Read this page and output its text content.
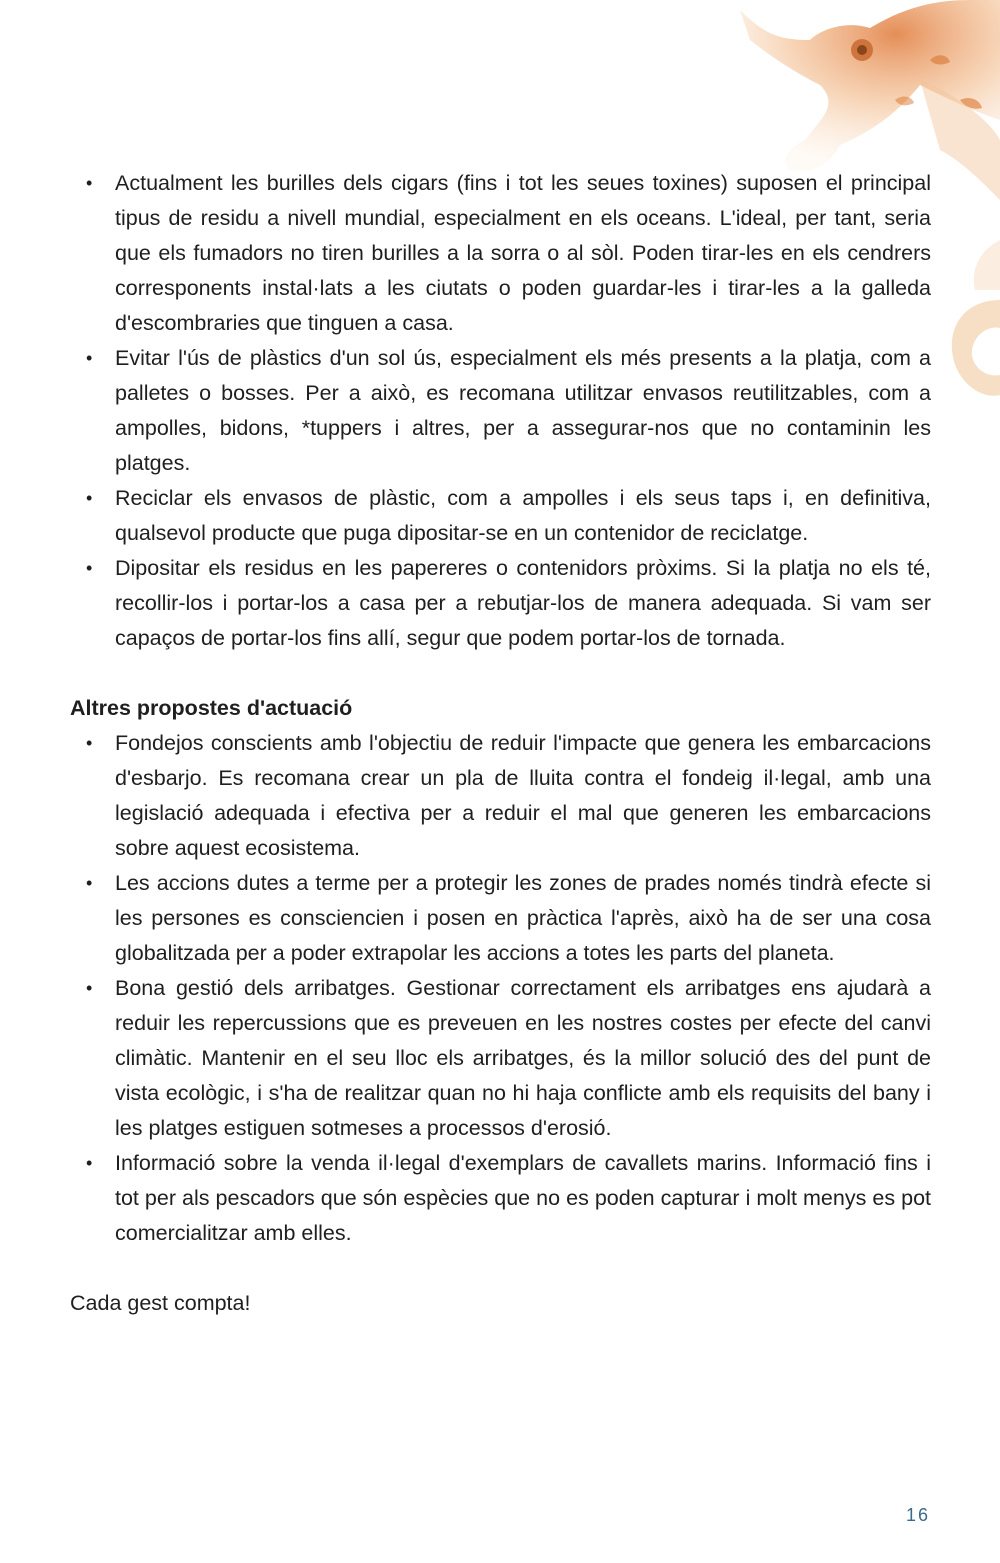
• Actualment les burilles dels cigars (fins i tot les seues toxines) suposen el principal tipus de residu a nivell mundial, especialment en els oceans. L'ideal, per tant, seria que els fumadors no tiren burilles a la sorra o al sòl. Poden tirar-les en els cendrers corresponents instal·lats a les ciutats o poden guardar-les i tirar-les a la galleda d'escombraries que tinguen a casa.
• Evitar l'ús de plàstics d'un sol ús, especialment els més presents a la platja, com a palletes o bosses. Per a això, es recomana utilitzar envasos reutilitzables, com a ampolles, bidons, *tuppers i altres, per a assegurar-nos que no contaminin les platges.
• Reciclar els envasos de plàstic, com a ampolles i els seus taps i, en definitiva, qualsevol producte que puga dipositar-se en un contenidor de reciclatge.
• Dipositar els residus en les papereres o contenidors pròxims. Si la platja no els té, recollir-los i portar-los a casa per a rebutjar-los de manera adequada. Si vam ser capaços de portar-los fins allí, segur que podem portar-los de tornada.
Altres propostes d'actuació
• Fondejos conscients amb l'objectiu de reduir l'impacte que genera les embarcacions d'esbarjo. Es recomana crear un pla de lluita contra el fondeig il·legal, amb una legislació adequada i efectiva per a reduir el mal que generen les embarcacions sobre aquest ecosistema.
• Les accions dutes a terme per a protegir les zones de prades només tindrà efecte si les persones es consciencien i posen en pràctica l'après, això ha de ser una cosa globalitzada per a poder extrapolar les accions a totes les parts del planeta.
• Bona gestió dels arribatges. Gestionar correctament els arribatges ens ajudarà a reduir les repercussions que es preveuen en les nostres costes per efecte del canvi climàtic. Mantenir en el seu lloc els arribatges, és la millor solució des del punt de vista ecològic, i s'ha de realitzar quan no hi haja conflicte amb els requisits del bany i les platges estiguen sotmeses a processos d'erosió.
• Informació sobre la venda il·legal d'exemplars de cavallets marins. Informació fins i tot per als pescadors que són espècies que no es poden capturar i molt menys es pot comercialitzar amb elles.
Cada gest compta!
16
